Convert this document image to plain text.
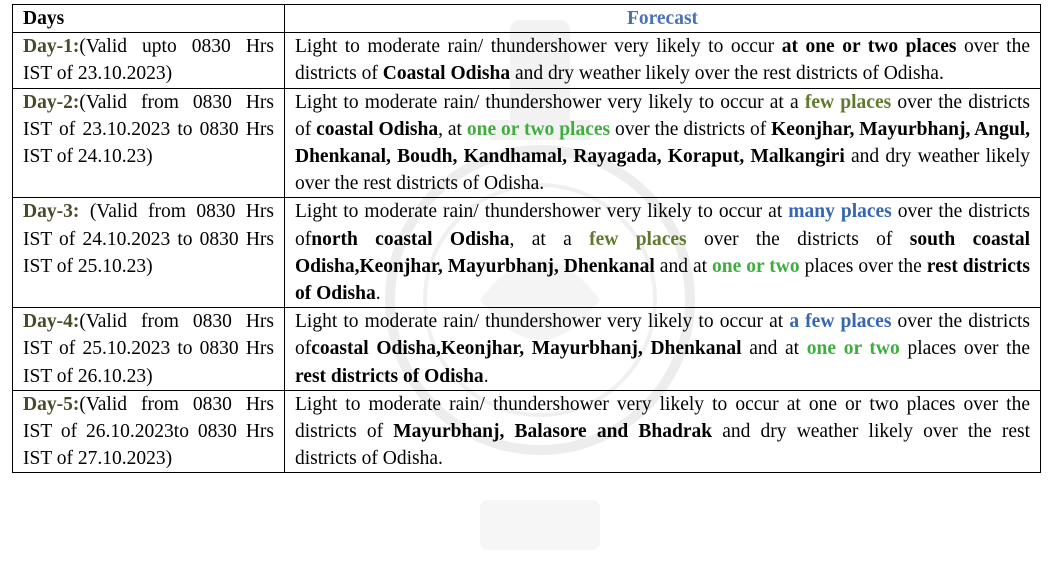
Days	Forecast
Day-1:(Valid upto 0830 Hrs IST of 23.10.2023)	Light to moderate rain/ thundershower very likely to occur at one or two places over the districts of Coastal Odisha and dry weather likely over the rest districts of Odisha.
Day-2:(Valid from 0830 Hrs IST of 23.10.2023 to 0830 Hrs IST of 24.10.23)	Light to moderate rain/ thundershower very likely to occur at a few places over the districts of coastal Odisha, at one or two places over the districts of Keonjhar, Mayurbhanj, Angul, Dhenkanal, Boudh, Kandhamal, Rayagada, Koraput, Malkangiri and dry weather likely over the rest districts of Odisha.
Day-3: (Valid from 0830 Hrs IST of 24.10.2023 to 0830 Hrs IST of 25.10.23)	Light to moderate rain/ thundershower very likely to occur at many places over the districts ofnorth coastal Odisha, at a few places over the districts of south coastal Odisha,Keonjhar, Mayurbhanj, Dhenkanal and at one or two places over the rest districts of Odisha.
Day-4:(Valid from 0830 Hrs IST of 25.10.2023 to 0830 Hrs IST of 26.10.23)	Light to moderate rain/ thundershower very likely to occur at a few places over the districts ofcoastal Odisha,Keonjhar, Mayurbhanj, Dhenkanal and at one or two places over the rest districts of Odisha.
Day-5:(Valid from 0830 Hrs IST of 26.10.2023to 0830 Hrs IST of 27.10.2023)	Light to moderate rain/ thundershower very likely to occur at one or two places over the districts of Mayurbhanj, Balasore and Bhadrak and dry weather likely over the rest districts of Odisha.
